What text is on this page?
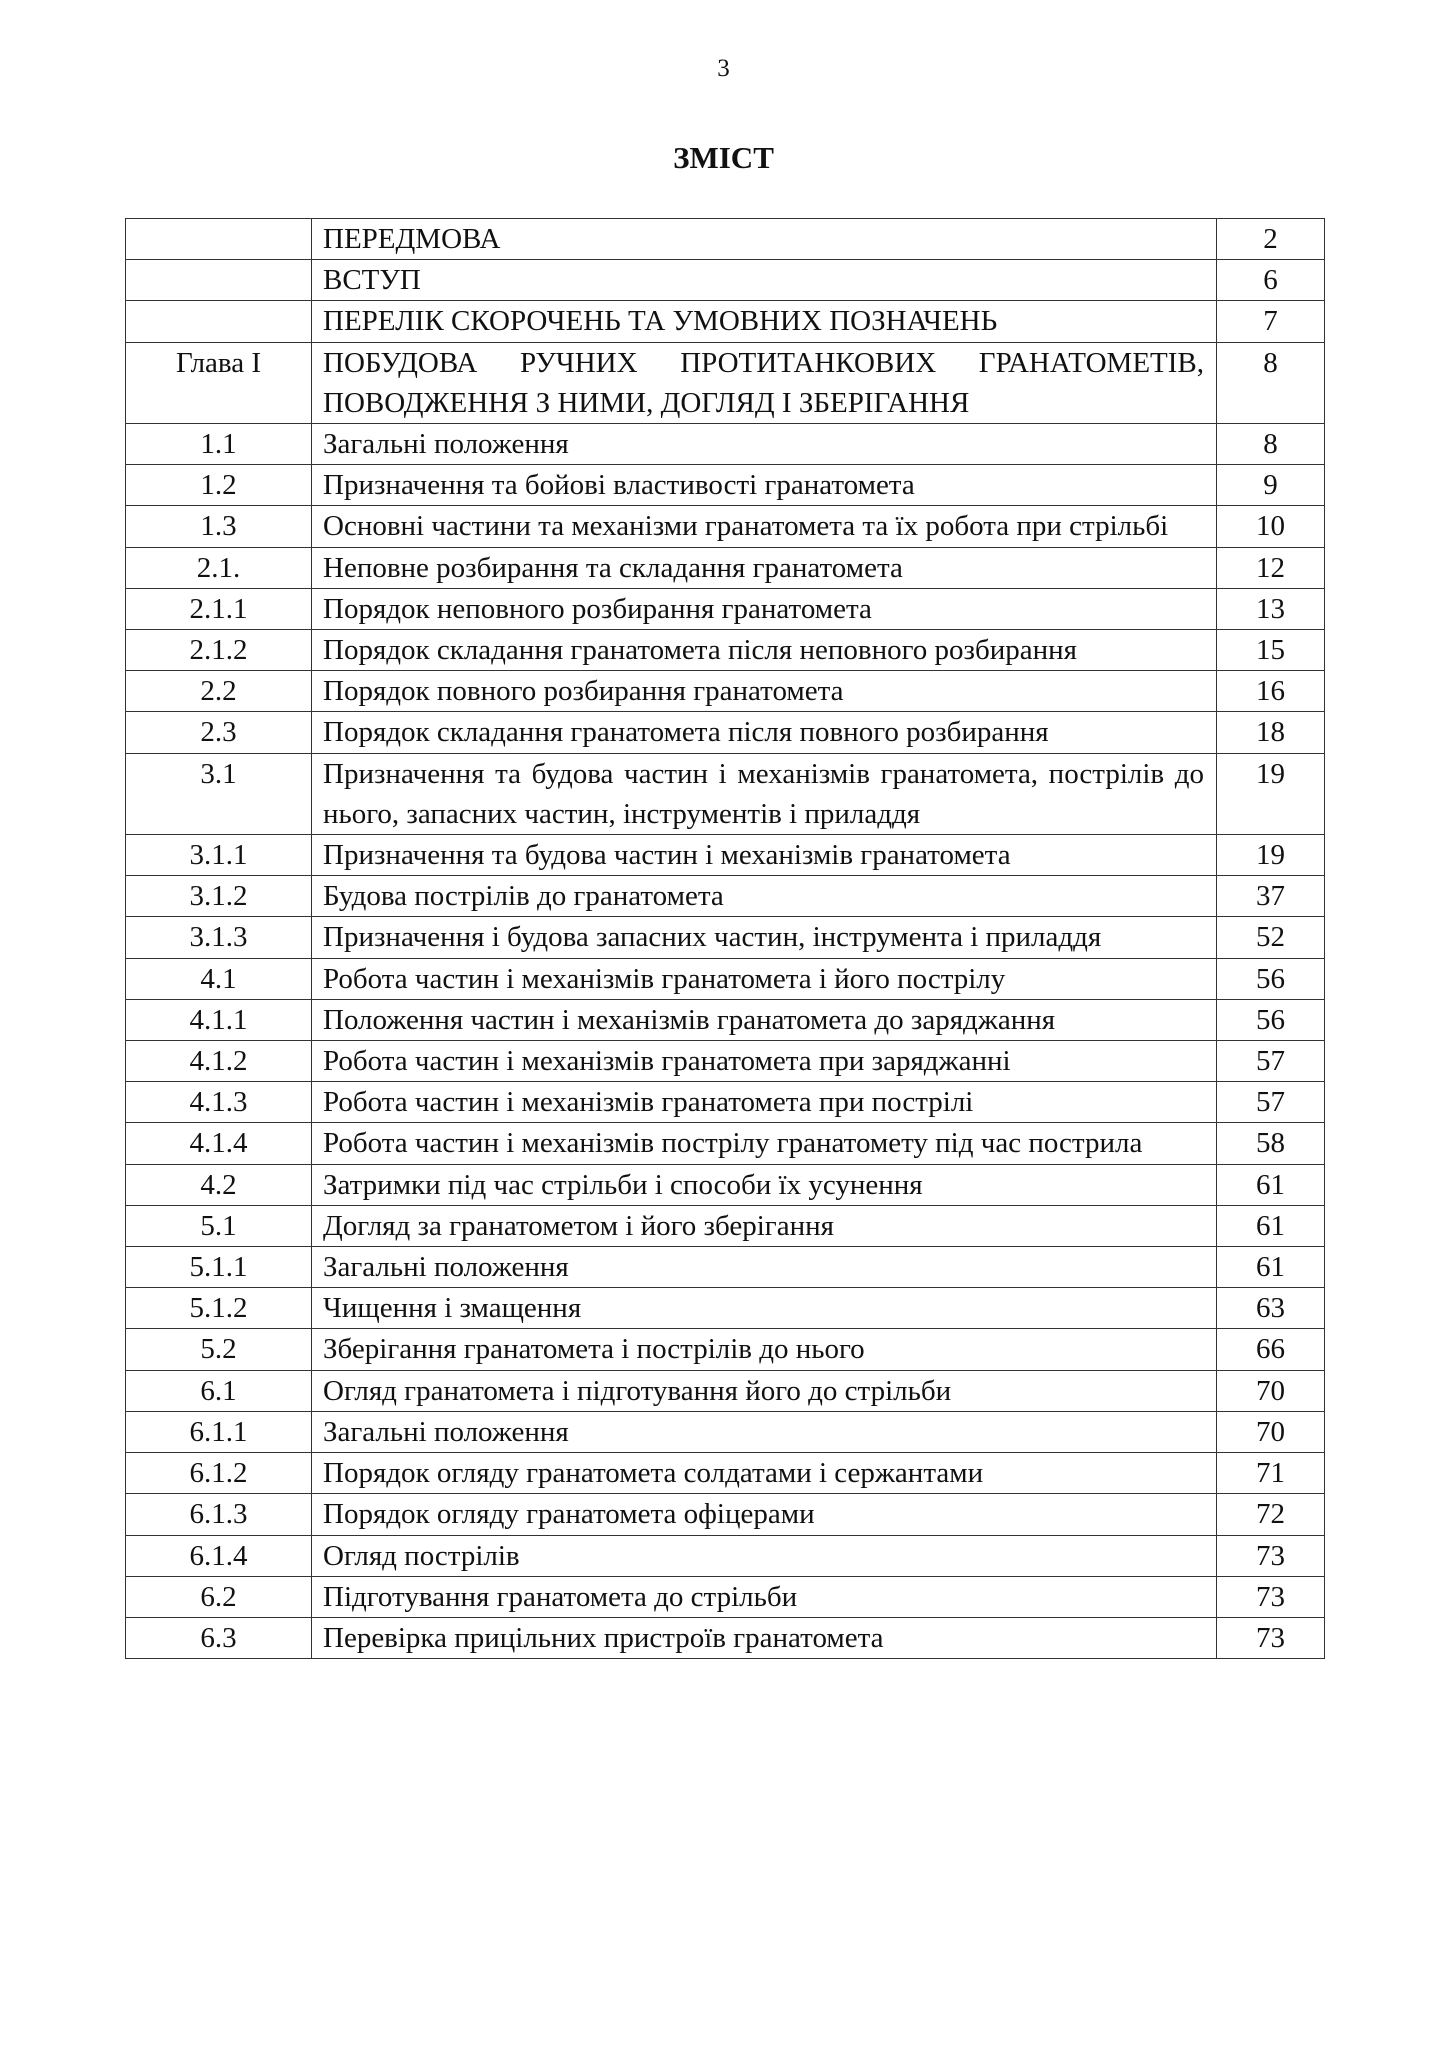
3
ЗМІСТ
	ПЕРЕДМОВА	2
	ВСТУП	6
	ПЕРЕЛІК СКОРОЧЕНЬ ТА УМОВНИХ ПОЗНАЧЕНЬ	7
Глава І	ПОБУДОВА РУЧНИХ ПРОТИТАНКОВИХ ГРАНАТОМЕТІВ, ПОВОДЖЕННЯ З НИМИ, ДОГЛЯД І ЗБЕРІГАННЯ	8
1.1	Загальні положення	8
1.2	Призначення та бойові властивості гранатомета	9
1.3	Основні частини та механізми гранатомета та їх робота при стрільбі	10
2.1.	Неповне розбирання та складання гранатомета	12
2.1.1	Порядок неповного розбирання гранатомета	13
2.1.2	Порядок складання гранатомета після неповного розбирання	15
2.2	Порядок повного розбирання гранатомета	16
2.3	Порядок складання гранатомета після повного розбирання	18
3.1	Призначення та будова частин і механізмів гранатомета, пострілів до нього, запасних частин, інструментів і приладдя	19
3.1.1	Призначення та будова частин і механізмів гранатомета	19
3.1.2	Будова пострілів до гранатомета	37
3.1.3	Призначення і будова запасних частин, інструмента і приладдя	52
4.1	Робота частин і механізмів гранатомета і його пострілу	56
4.1.1	Положення частин і механізмів гранатомета до заряджання	56
4.1.2	Робота частин і механізмів гранатомета при заряджанні	57
4.1.3	Робота частин і механізмів гранатомета при пострілі	57
4.1.4	Робота частин і механізмів пострілу гранатомету під час пострила	58
4.2	Затримки під час стрільби і способи їх усунення	61
5.1	Догляд за гранатометом і його зберігання	61
5.1.1	Загальні положення	61
5.1.2	Чищення і змащення	63
5.2	Зберігання гранатомета і пострілів до нього	66
6.1	Огляд гранатомета і підготування його до стрільби	70
6.1.1	Загальні положення	70
6.1.2	Порядок огляду гранатомета солдатами і сержантами	71
6.1.3	Порядок огляду гранатомета офіцерами	72
6.1.4	Огляд пострілів	73
6.2	Підготування гранатомета до стрільби	73
6.3	Перевірка прицільних пристроїв гранатомета	73
